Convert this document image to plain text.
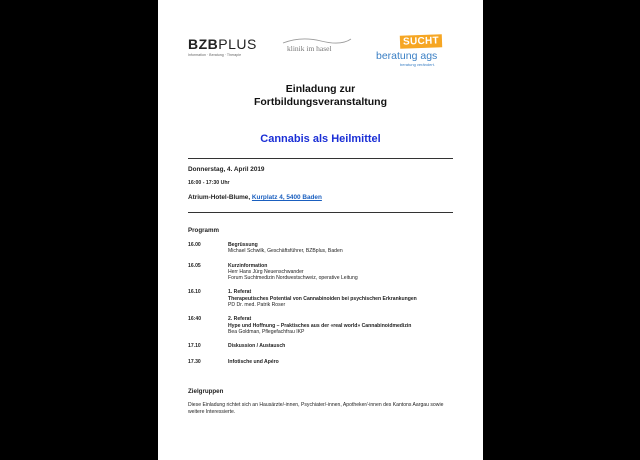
BZBPLUS
Information · Beratung · Therapie
klinik im hasel
SUCHT
beratung ags
beratung verändert.
Einladung zur
Fortbildungsveranstaltung
Cannabis als Heilmittel
Donnerstag, 4. April 2019
16:00 - 17:30 Uhr
Atrium-Hotel-Blume, Kurplatz 4, 5400 Baden
Programm
16.00	Begrüssung
Michael Schwilk, Geschäftsführer, BZBplus, Baden
16.05	Kurzinformation
Herr Hans Jürg Neuenschwander
Forum Suchtmedizin Nordwestschweiz, operative Leitung
16.10	1. Referat
Therapeutisches Potential von Cannabinoiden bei psychischen Erkrankungen
PD Dr. med. Patrik Roser
16:40	2. Referat
Hype und Hoffnung – Praktisches aus der «real world» Cannabinoidmedizin
Bea Goldman, Pflegefachfrau IKP
17.10	Diskussion / Austausch
17.30	Infotische und Apéro
Zielgruppen
Diese Einladung richtet sich an Hausärzte/-innen, Psychiater/-innen, Apotheker/-innen des Kantons Aargau sowie weitere Interessierte.
